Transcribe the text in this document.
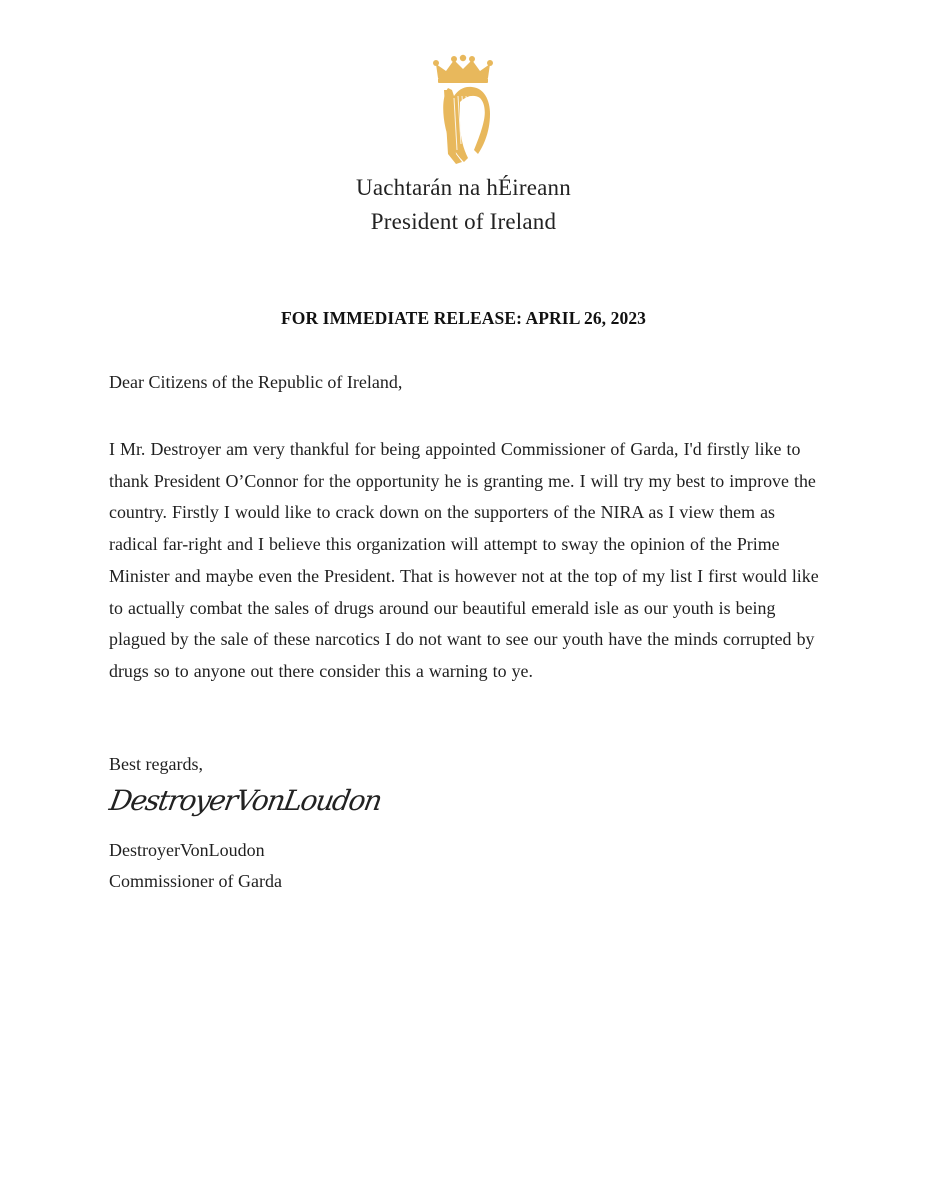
Uachtarán na hÉireann
President of Ireland
FOR IMMEDIATE RELEASE: APRIL 26, 2023
Dear Citizens of the Republic of Ireland,
I Mr. Destroyer am very thankful for being appointed Commissioner of Garda, I'd firstly like to thank President O’Connor for the opportunity he is granting me. I will try my best to improve the country. Firstly I would like to crack down on the supporters of the NIRA as I view them as radical far-right and I believe this organization will attempt to sway the opinion of the Prime Minister and maybe even the President. That is however not at the top of my list I first would like to actually combat the sales of drugs around our beautiful emerald isle as our youth is being plagued by the sale of these narcotics I do not want to see our youth have the minds corrupted by drugs so to anyone out there consider this a warning to ye.
Best regards,
DestroyerVonLoudon
DestroyerVonLoudon
Commissioner of Garda
